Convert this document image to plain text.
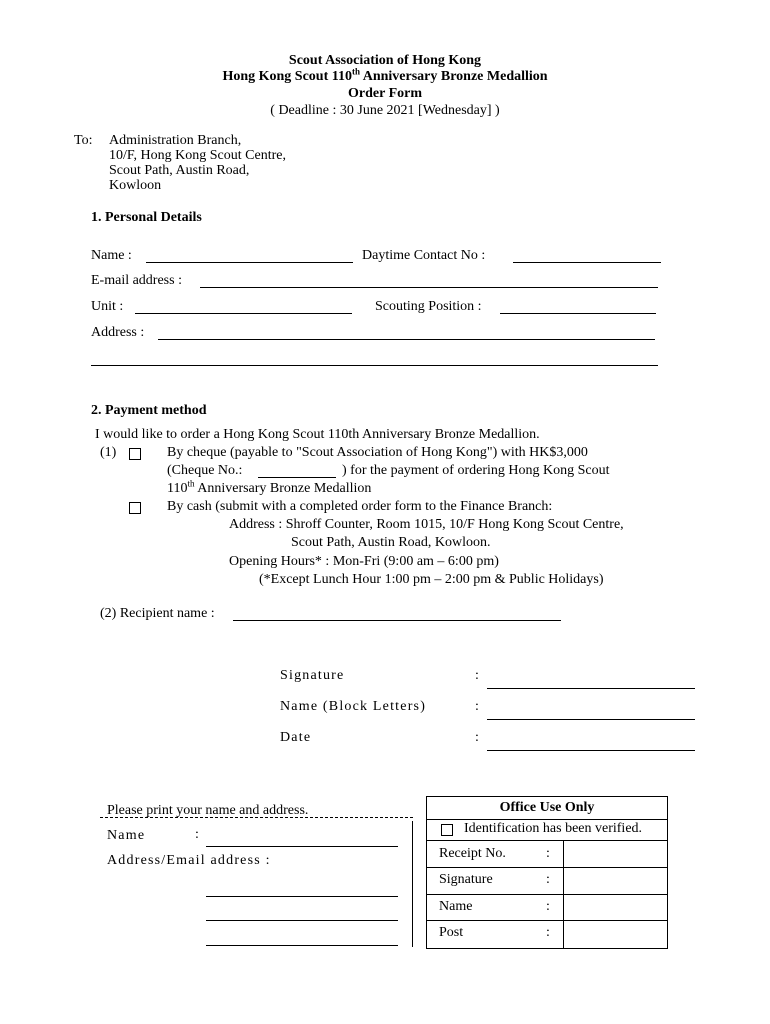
Scout Association of Hong Kong
Hong Kong Scout 110th Anniversary Bronze Medallion
Order Form
( Deadline : 30 June 2021 [Wednesday] )
To: Administration Branch,
10/F, Hong Kong Scout Centre,
Scout Path, Austin Road,
Kowloon
1. Personal Details
Name :	Daytime Contact No :
E-mail address :
Unit :	Scouting Position :
Address :
2. Payment method
I would like to order a Hong Kong Scout 110th Anniversary Bronze Medallion.
(1)	By cheque (payable to "Scout Association of Hong Kong") with HK$3,000
(Cheque No.:	) for the payment of ordering Hong Kong Scout
110th Anniversary Bronze Medallion
By cash (submit with a completed order form to the Finance Branch:
Address : Shroff Counter, Room 1015, 10/F Hong Kong Scout Centre,
Scout Path, Austin Road, Kowloon.
Opening Hours* : Mon-Fri (9:00 am – 6:00 pm)
(*Except Lunch Hour 1:00 pm – 2:00 pm & Public Holidays)
(2) Recipient name :
Signature	:
Name (Block Letters)	:
Date	:
Please print your name and address.
Name	:
Address/Email address :
Office Use Only
Identification has been verified.
Receipt No.	:
Signature	:
Name	:
Post	:
